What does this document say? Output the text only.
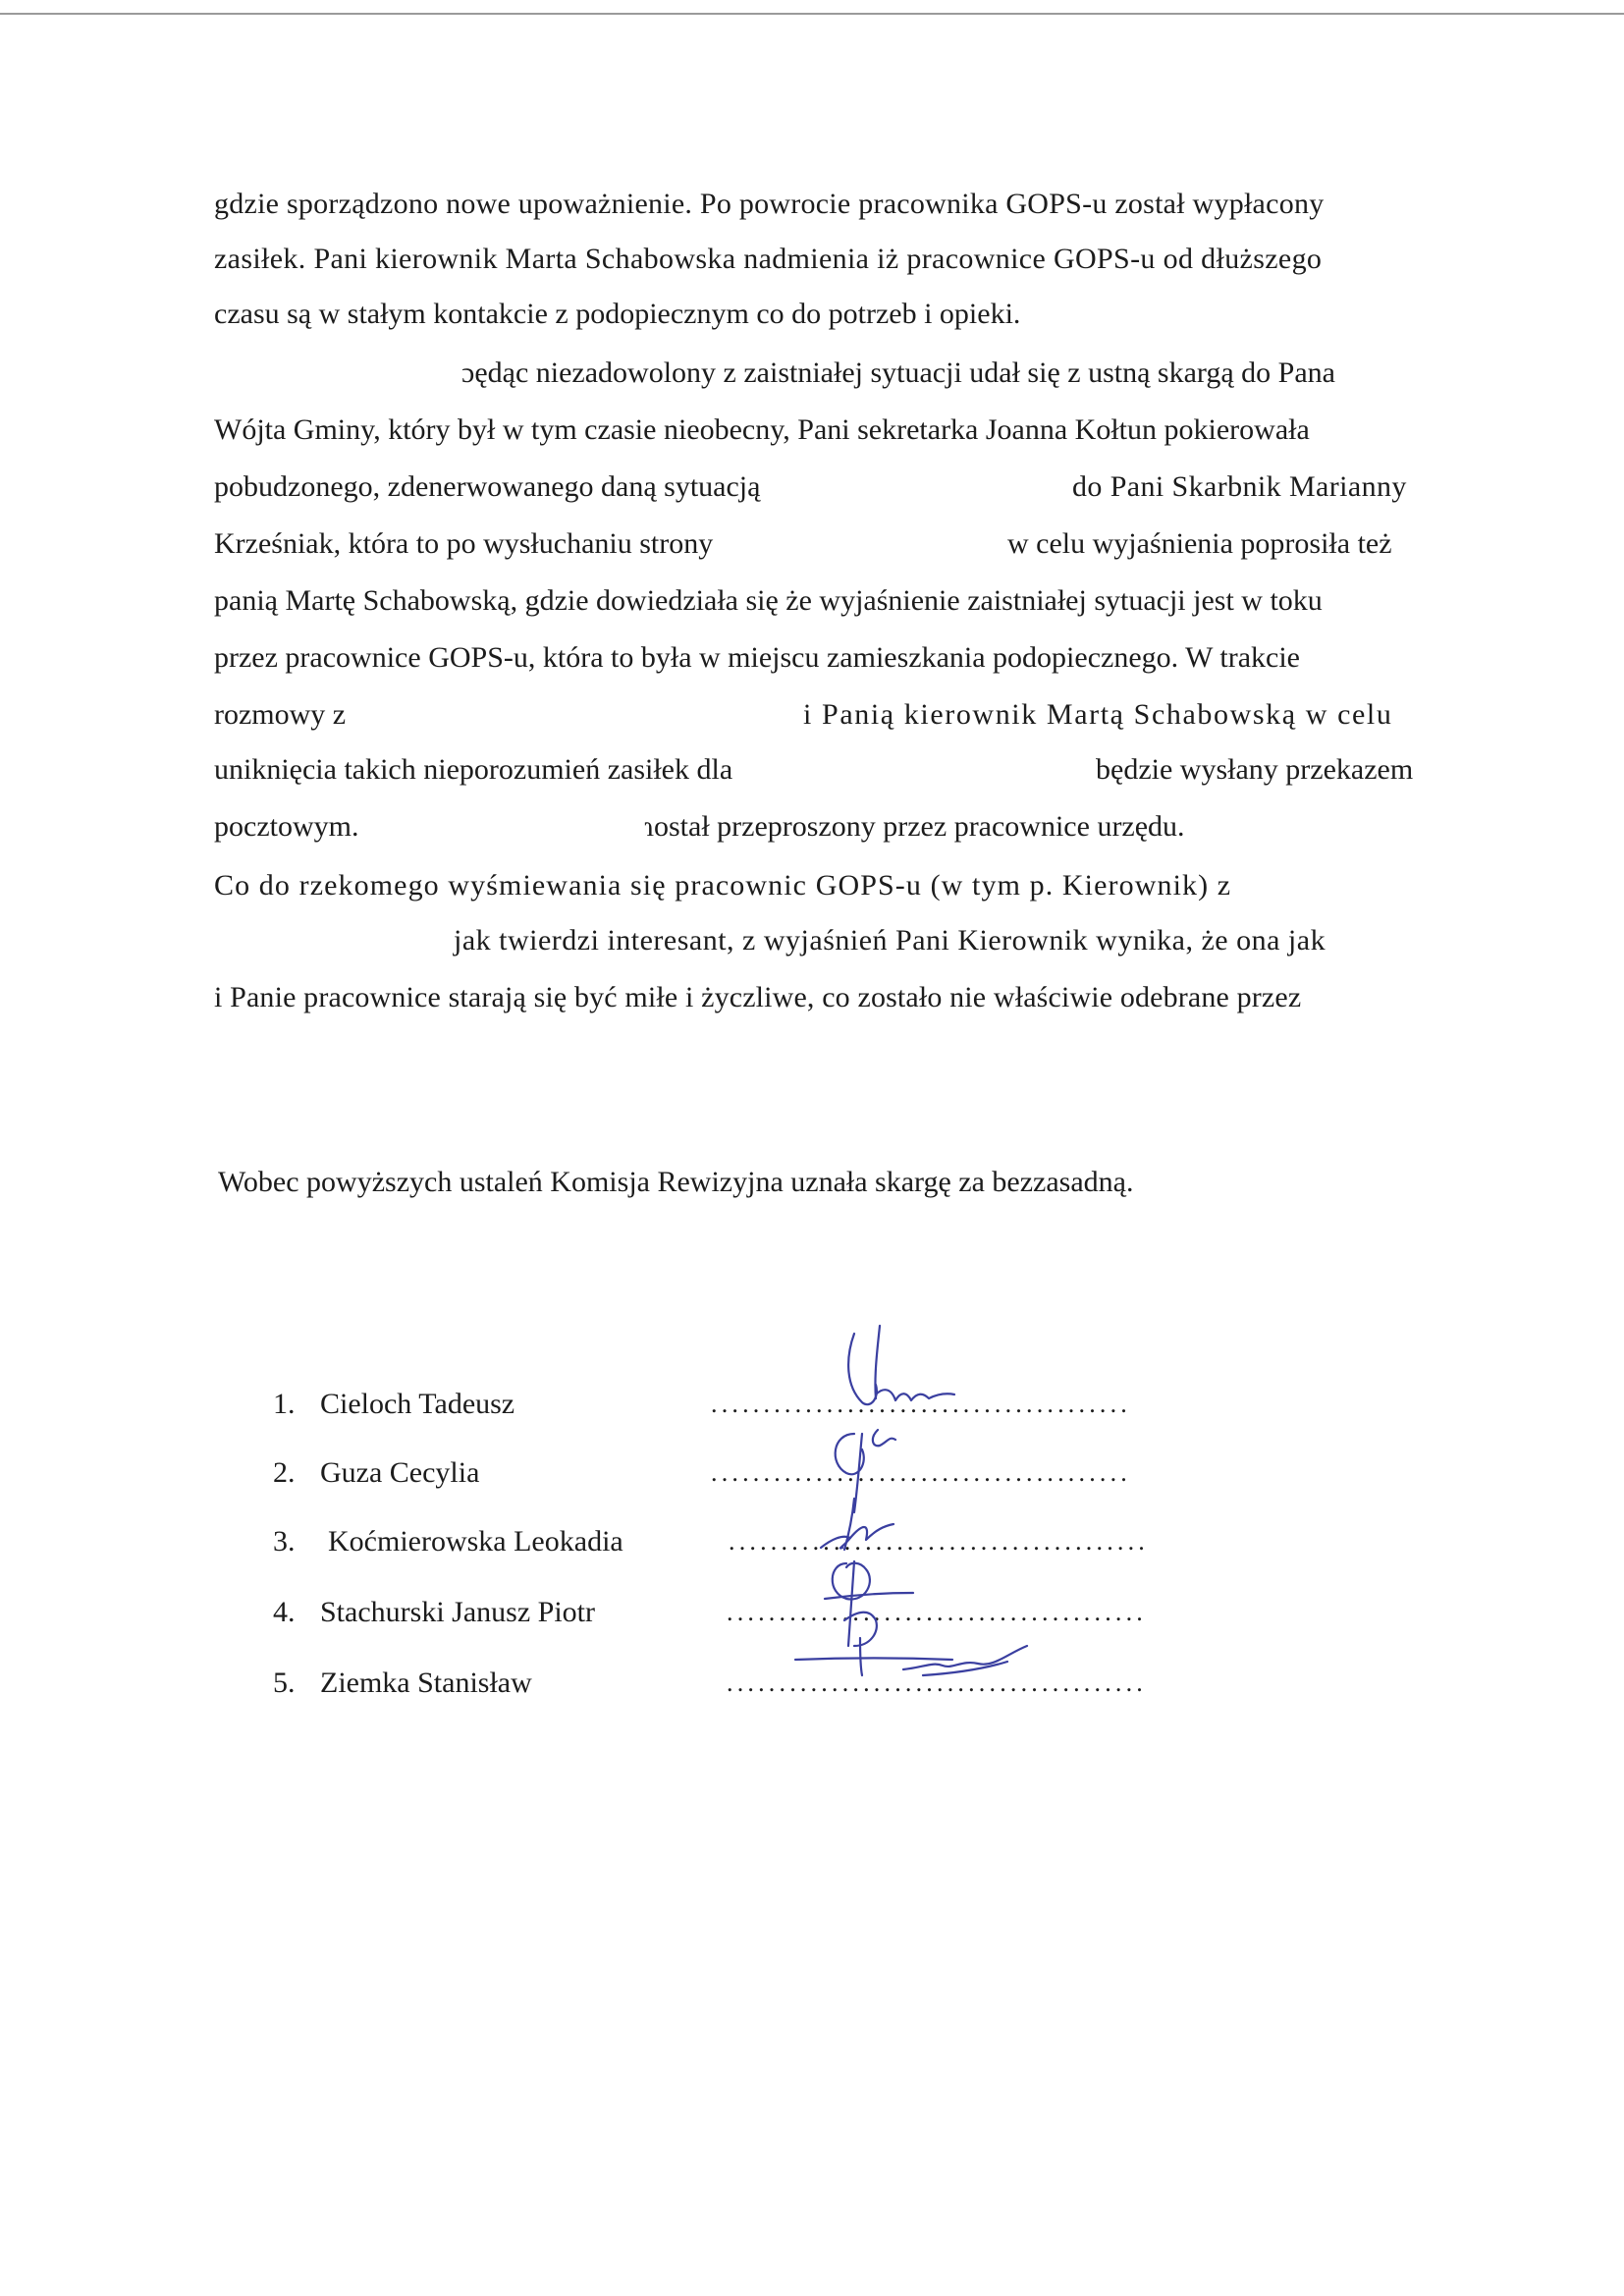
gdzie sporządzono nowe upoważnienie. Po powrocie pracownika GOPS-u został wypłacony

zasiłek. Pani kierownik Marta Schabowska nadmienia iż pracownice GOPS-u od dłuższego

czasu są w stałym kontakcie z podopiecznym co do potrzeb i opieki.

ɔędąc niezadowolony z zaistniałej sytuacji udał się z ustną skargą do Pana

Wójta Gminy, który był w tym czasie nieobecny, Pani sekretarka Joanna Kołtun pokierowała

pobudzonego, zdenerwowanego daną sytuacją	do Pani Skarbnik Marianny

Krześniak, która to po wysłuchaniu strony	w celu wyjaśnienia poprosiła też

panią Martę Schabowską, gdzie dowiedziała się że wyjaśnienie zaistniałej sytuacji jest w toku

przez pracownice GOPS-u, która to była w miejscu zamieszkania podopiecznego. W trakcie

rozmowy z	i Panią kierownik Martą Schabowską w celu

uniknięcia takich nieporozumień zasiłek dla	będzie wysłany przekazem

pocztowym.	ɿostał przeproszony przez pracownice urzędu.

Co do rzekomego wyśmiewania się pracownic GOPS-u (w tym p. Kierownik) z

jak twierdzi interesant, z wyjaśnień Pani Kierownik wynika, że ona jak

i Panie pracownice starają się być miłe i życzliwe, co zostało nie właściwie odebrane przez

Wobec powyższych ustaleń Komisja Rewizyjna uznała skargę za bezzasadną.

1. Cieloch Tadeusz	........................................
2. Guza Cecylia	........................................
3. Koćmierowska Leokadia	........................................
4. Stachurski Janusz Piotr	........................................
5. Ziemka Stanisław	........................................
